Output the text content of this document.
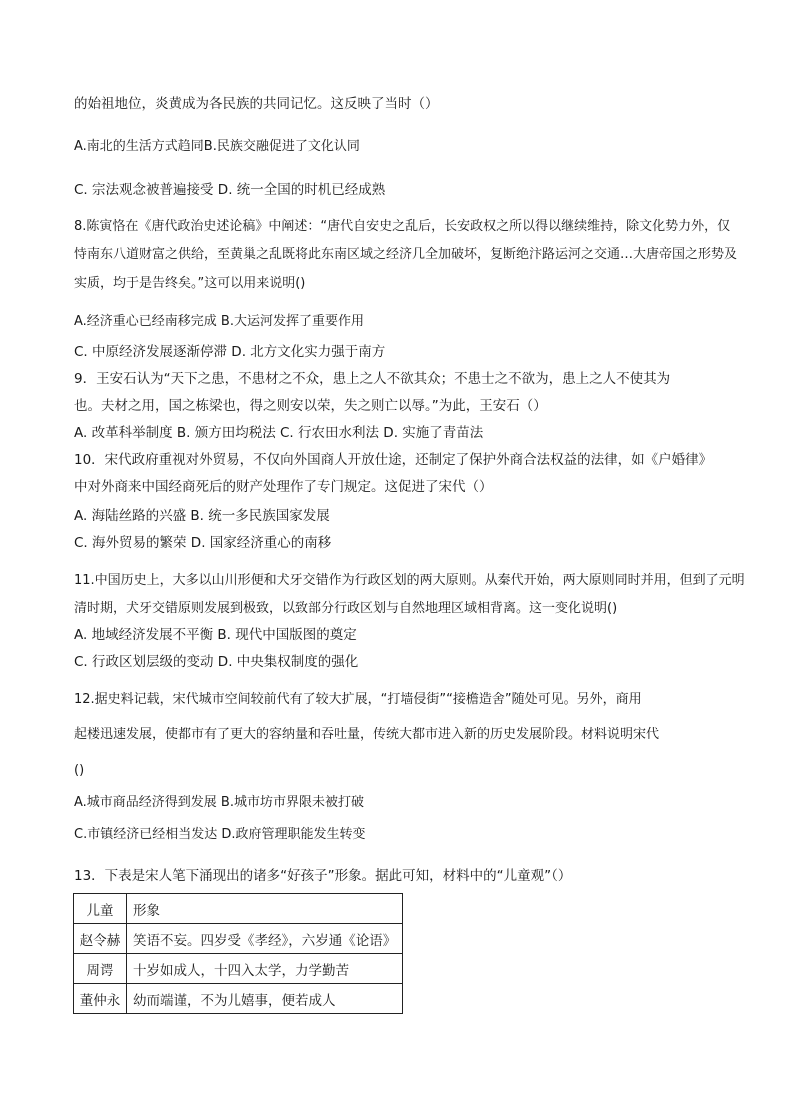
的始祖地位，炎黄成为各民族的共同记忆。这反映了当时（）
A.南北的生活方式趋同B.民族交融促进了文化认同
C. 宗法观念被普遍接受 D. 统一全国的时机已经成熟
8.陈寅恪在《唐代政治史述论稿》中阐述：“唐代自安史之乱后，长安政权之所以得以继续维持，除文化势力外，仅
恃南东八道财富之供给，至黄巢之乱既将此东南区域之经济几全加破坏，复断绝汴路运河之交通…大唐帝国之形势及
实质，均于是告终矣。”这可以用来说明()
A.经济重心已经南移完成 B.大运河发挥了重要作用
C. 中原经济发展逐渐停滞 D. 北方文化实力强于南方
9．王安石认为“天下之患，不患材之不众，患上之人不欲其众；不患士之不欲为，患上之人不使其为
也。夫材之用，国之栋梁也，得之则安以荣，失之则亡以辱。”为此，王安石（）
A. 改革科举制度 B. 颁方田均税法 C. 行农田水利法 D. 实施了青苗法
10．宋代政府重视对外贸易，不仅向外国商人开放仕途，还制定了保护外商合法权益的法律，如《户婚律》
中对外商来中国经商死后的财产处理作了专门规定。这促进了宋代（）
A. 海陆丝路的兴盛 B. 统一多民族国家发展
C. 海外贸易的繁荣 D. 国家经济重心的南移
11.中国历史上，大多以山川形便和犬牙交错作为行政区划的两大原则。从秦代开始，两大原则同时并用，但到了元明
清时期，犬牙交错原则发展到极致，以致部分行政区划与自然地理区域相背离。这一变化说明()
A. 地域经济发展不平衡 B. 现代中国版图的奠定
C. 行政区划层级的变动 D. 中央集权制度的强化
12.据史料记载，宋代城市空间较前代有了较大扩展，“打墙侵街”“接檐造舍”随处可见。另外，商用
起楼迅速发展，使都市有了更大的容纳量和吞吐量，传统大都市进入新的历史发展阶段。材料说明宋代
()
A.城市商品经济得到发展 B.城市坊市界限未被打破
C.市镇经济已经相当发达 D.政府管理职能发生转变
13．下表是宋人笔下涌现出的诸多“好孩子”形象。据此可知，材料中的“儿童观”（）
儿童	形象
赵令赫	笑语不妄。四岁受《孝经》，六岁通《论语》
周谔	十岁如成人，十四入太学，力学勤苦
董仲永	幼而端谨，不为儿嬉事，便若成人
